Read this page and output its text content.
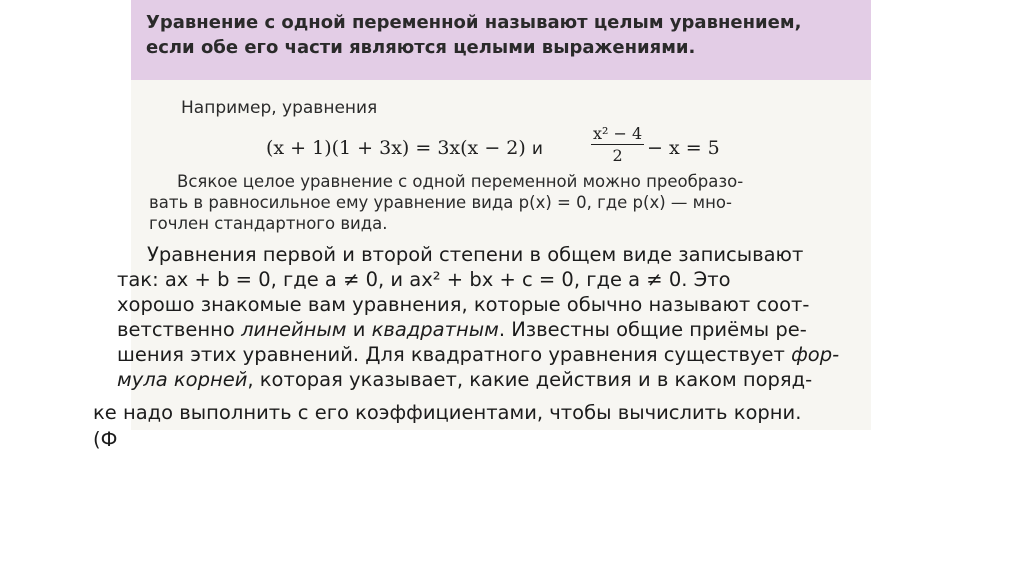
Уравнение с одной переменной называют целым уравнением,
если обе его части являются целыми выражениями.

Например, уравнения

(x + 1)(1 + 3x) = 3x(x − 2) и	$\frac{\text{x² − 4}}{2} - x = 5$

Всякое целое уравнение с одной переменной можно преобразо-

вать в равносильное ему уравнение вида p(x) = 0, где p(x) — мно-

гочлен стандартного вида.

Уравнения первой и второй степени в общем виде записывают

так: ax + b = 0, где a ≠ 0, и ax² + bx + c = 0, где a ≠ 0. Это

хорошо знакомые вам уравнения, которые обычно называют соот-

ветственно линейным и квадратным. Известны общие приёмы ре-

шения этих уравнений. Для квадратного уравнения существует фор-

мула корней, которая указывает, какие действия и в каком поряд-

ке надо выполнить с его коэффициентами, чтобы вычислить корни.

(Ф
